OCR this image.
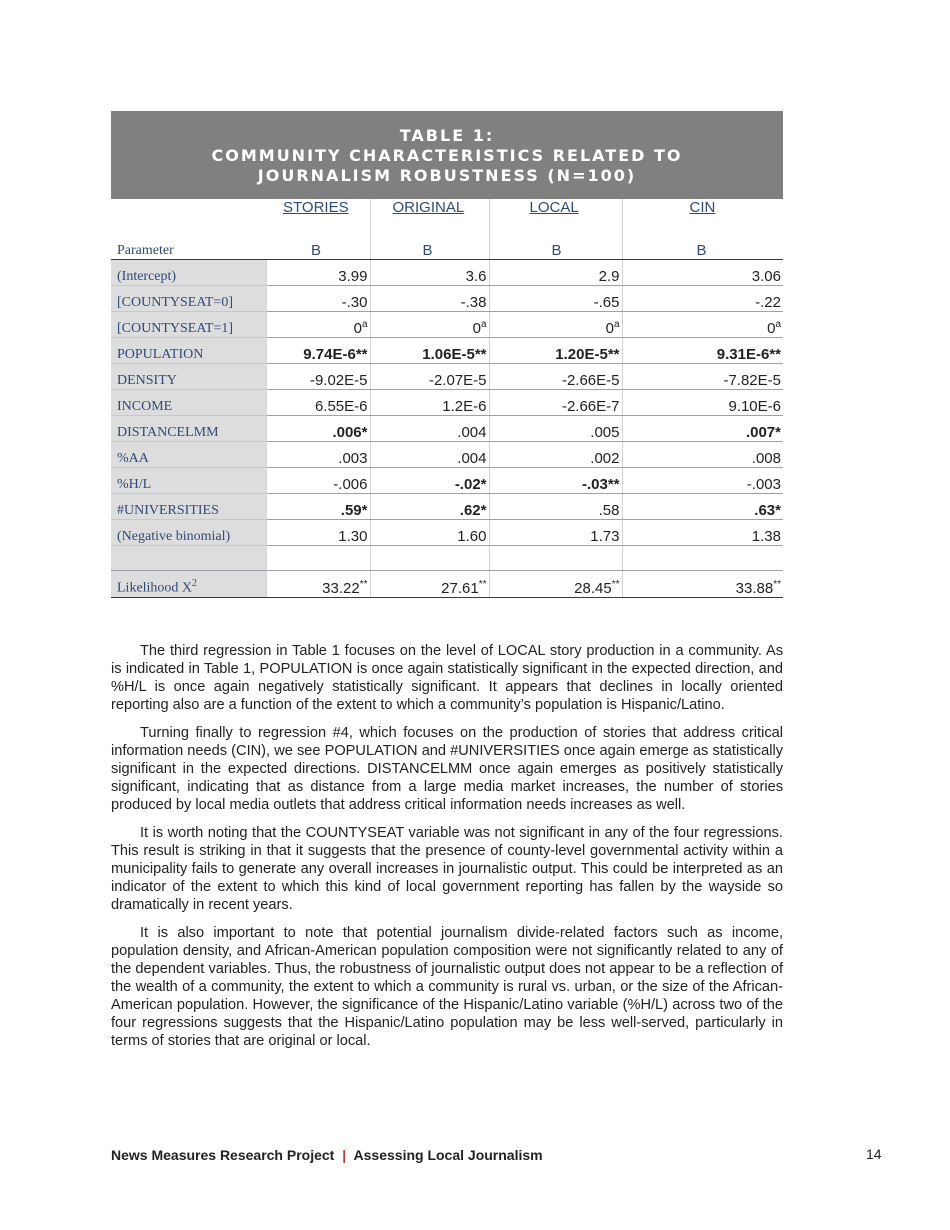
TABLE 1:
COMMUNITY CHARACTERISTICS RELATED TO
JOURNALISM ROBUSTNESS (N=100)
	STORIES	ORIGINAL	LOCAL	CIN
Parameter	B	B	B	B
(Intercept)	3.99	3.6	2.9	3.06
[COUNTYSEAT=0]	-.30	-.38	-.65	-.22
[COUNTYSEAT=1]	0$^a$	0$^a$	0$^a$	0$^a$
POPULATION	9.74E-6**	1.06E-5**	1.20E-5**	9.31E-6**
DENSITY	-9.02E-5	-2.07E-5	-2.66E-5	-7.82E-5
INCOME	6.55E-6	1.2E-6	-2.66E-7	9.10E-6
DISTANCELMM	.006*	.004	.005	.007*
%AA	.003	.004	.002	.008
%H/L	-.006	-.02*	-.03**	-.003
#UNIVERSITIES	.59*	.62*	.58	.63*
(Negative binomial)	1.30	1.60	1.73	1.38

Likelihood $X^2$	33.22**	27.61**	28.45**	33.88**

The third regression in Table 1 focuses on the level of LOCAL story production in a community. As is indicated in Table 1, POPULATION is once again statistically significant in the expected direction, and %H/L is once again negatively statistically significant. It appears that declines in locally oriented reporting also are a function of the extent to which a community’s population is Hispanic/Latino.

Turning finally to regression #4, which focuses on the production of stories that address critical information needs (CIN), we see POPULATION and #UNIVERSITIES once again emerge as statistically significant in the expected directions. DISTANCELMM once again emerges as positively statistically significant, indicating that as distance from a large media market increases, the number of stories produced by local media outlets that address critical information needs increases as well.

It is worth noting that the COUNTYSEAT variable was not significant in any of the four regressions. This result is striking in that it suggests that the presence of county-level governmental activity within a municipality fails to generate any overall increases in journalistic output. This could be interpreted as an indicator of the extent to which this kind of local government reporting has fallen by the wayside so dramatically in recent years.

It is also important to note that potential journalism divide-related factors such as income, population density, and African-American population composition were not significantly related to any of the dependent variables. Thus, the robustness of journalistic output does not appear to be a reflection of the wealth of a community, the extent to which a community is rural vs. urban, or the size of the African-American population. However, the significance of the Hispanic/Latino variable (%H/L) across two of the four regressions suggests that the Hispanic/Latino population may be less well-served, particularly in terms of stories that are original or local.

News Measures Research Project | Assessing Local Journalism	14
